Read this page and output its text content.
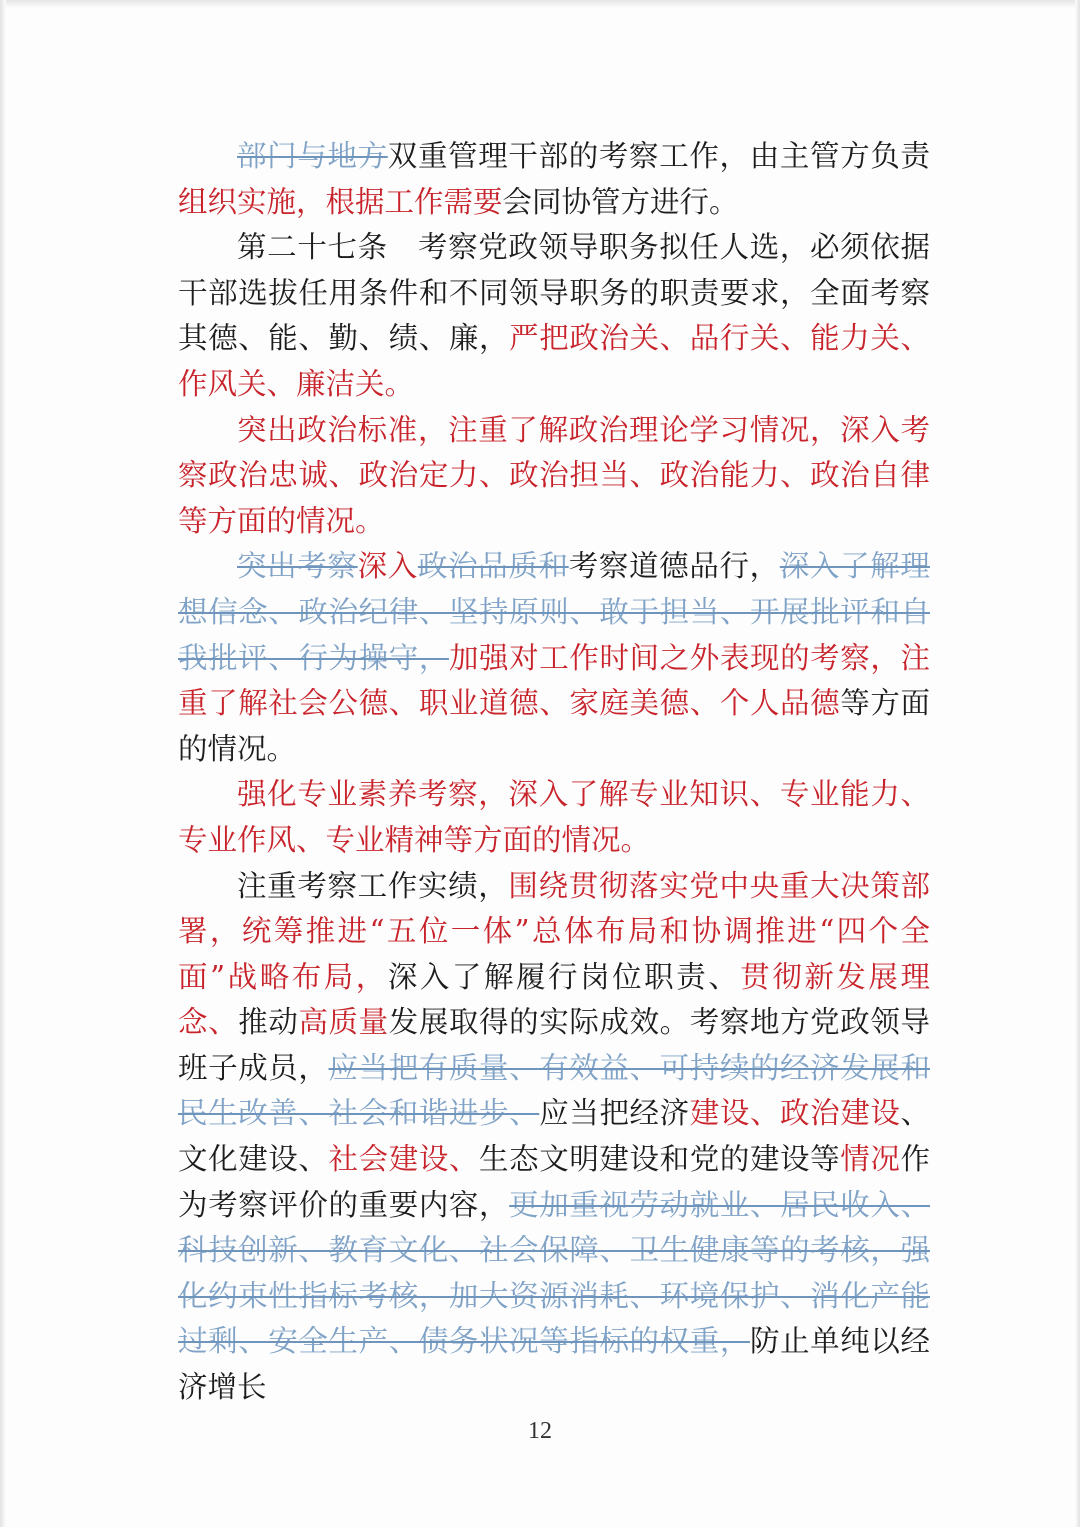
部门与地方双重管理干部的考察工作，由主管方负责组织实施，根据工作需要会同协管方进行。

第二十七条　考察党政领导职务拟任人选，必须依据干部选拔任用条件和不同领导职务的职责要求，全面考察其德、能、勤、绩、廉，严把政治关、品行关、能力关、作风关、廉洁关。

突出政治标准，注重了解政治理论学习情况，深入考察政治忠诚、政治定力、政治担当、政治能力、政治自律等方面的情况。

突出考察深入政治品质和考察道德品行，深入了解理想信念、政治纪律、坚持原则、敢于担当、开展批评和自我批评、行为操守，加强对工作时间之外表现的考察，注重了解社会公德、职业道德、家庭美德、个人品德等方面的情况。

强化专业素养考察，深入了解专业知识、专业能力、专业作风、专业精神等方面的情况。

注重考察工作实绩，围绕贯彻落实党中央重大决策部署，统筹推进“五位一体”总体布局和协调推进“四个全面”战略布局，深入了解履行岗位职责、贯彻新发展理念、推动高质量发展取得的实际成效。考察地方党政领导班子成员，应当把有质量、有效益、可持续的经济发展和民生改善、社会和谐进步、应当把经济建设、政治建设、文化建设、社会建设、生态文明建设和党的建设等情况作为考察评价的重要内容，更加重视劳动就业、居民收入、科技创新、教育文化、社会保障、卫生健康等的考核，强化约束性指标考核，加大资源消耗、环境保护、消化产能过剩、安全生产、债务状况等指标的权重，防止单纯以经济增长

12
